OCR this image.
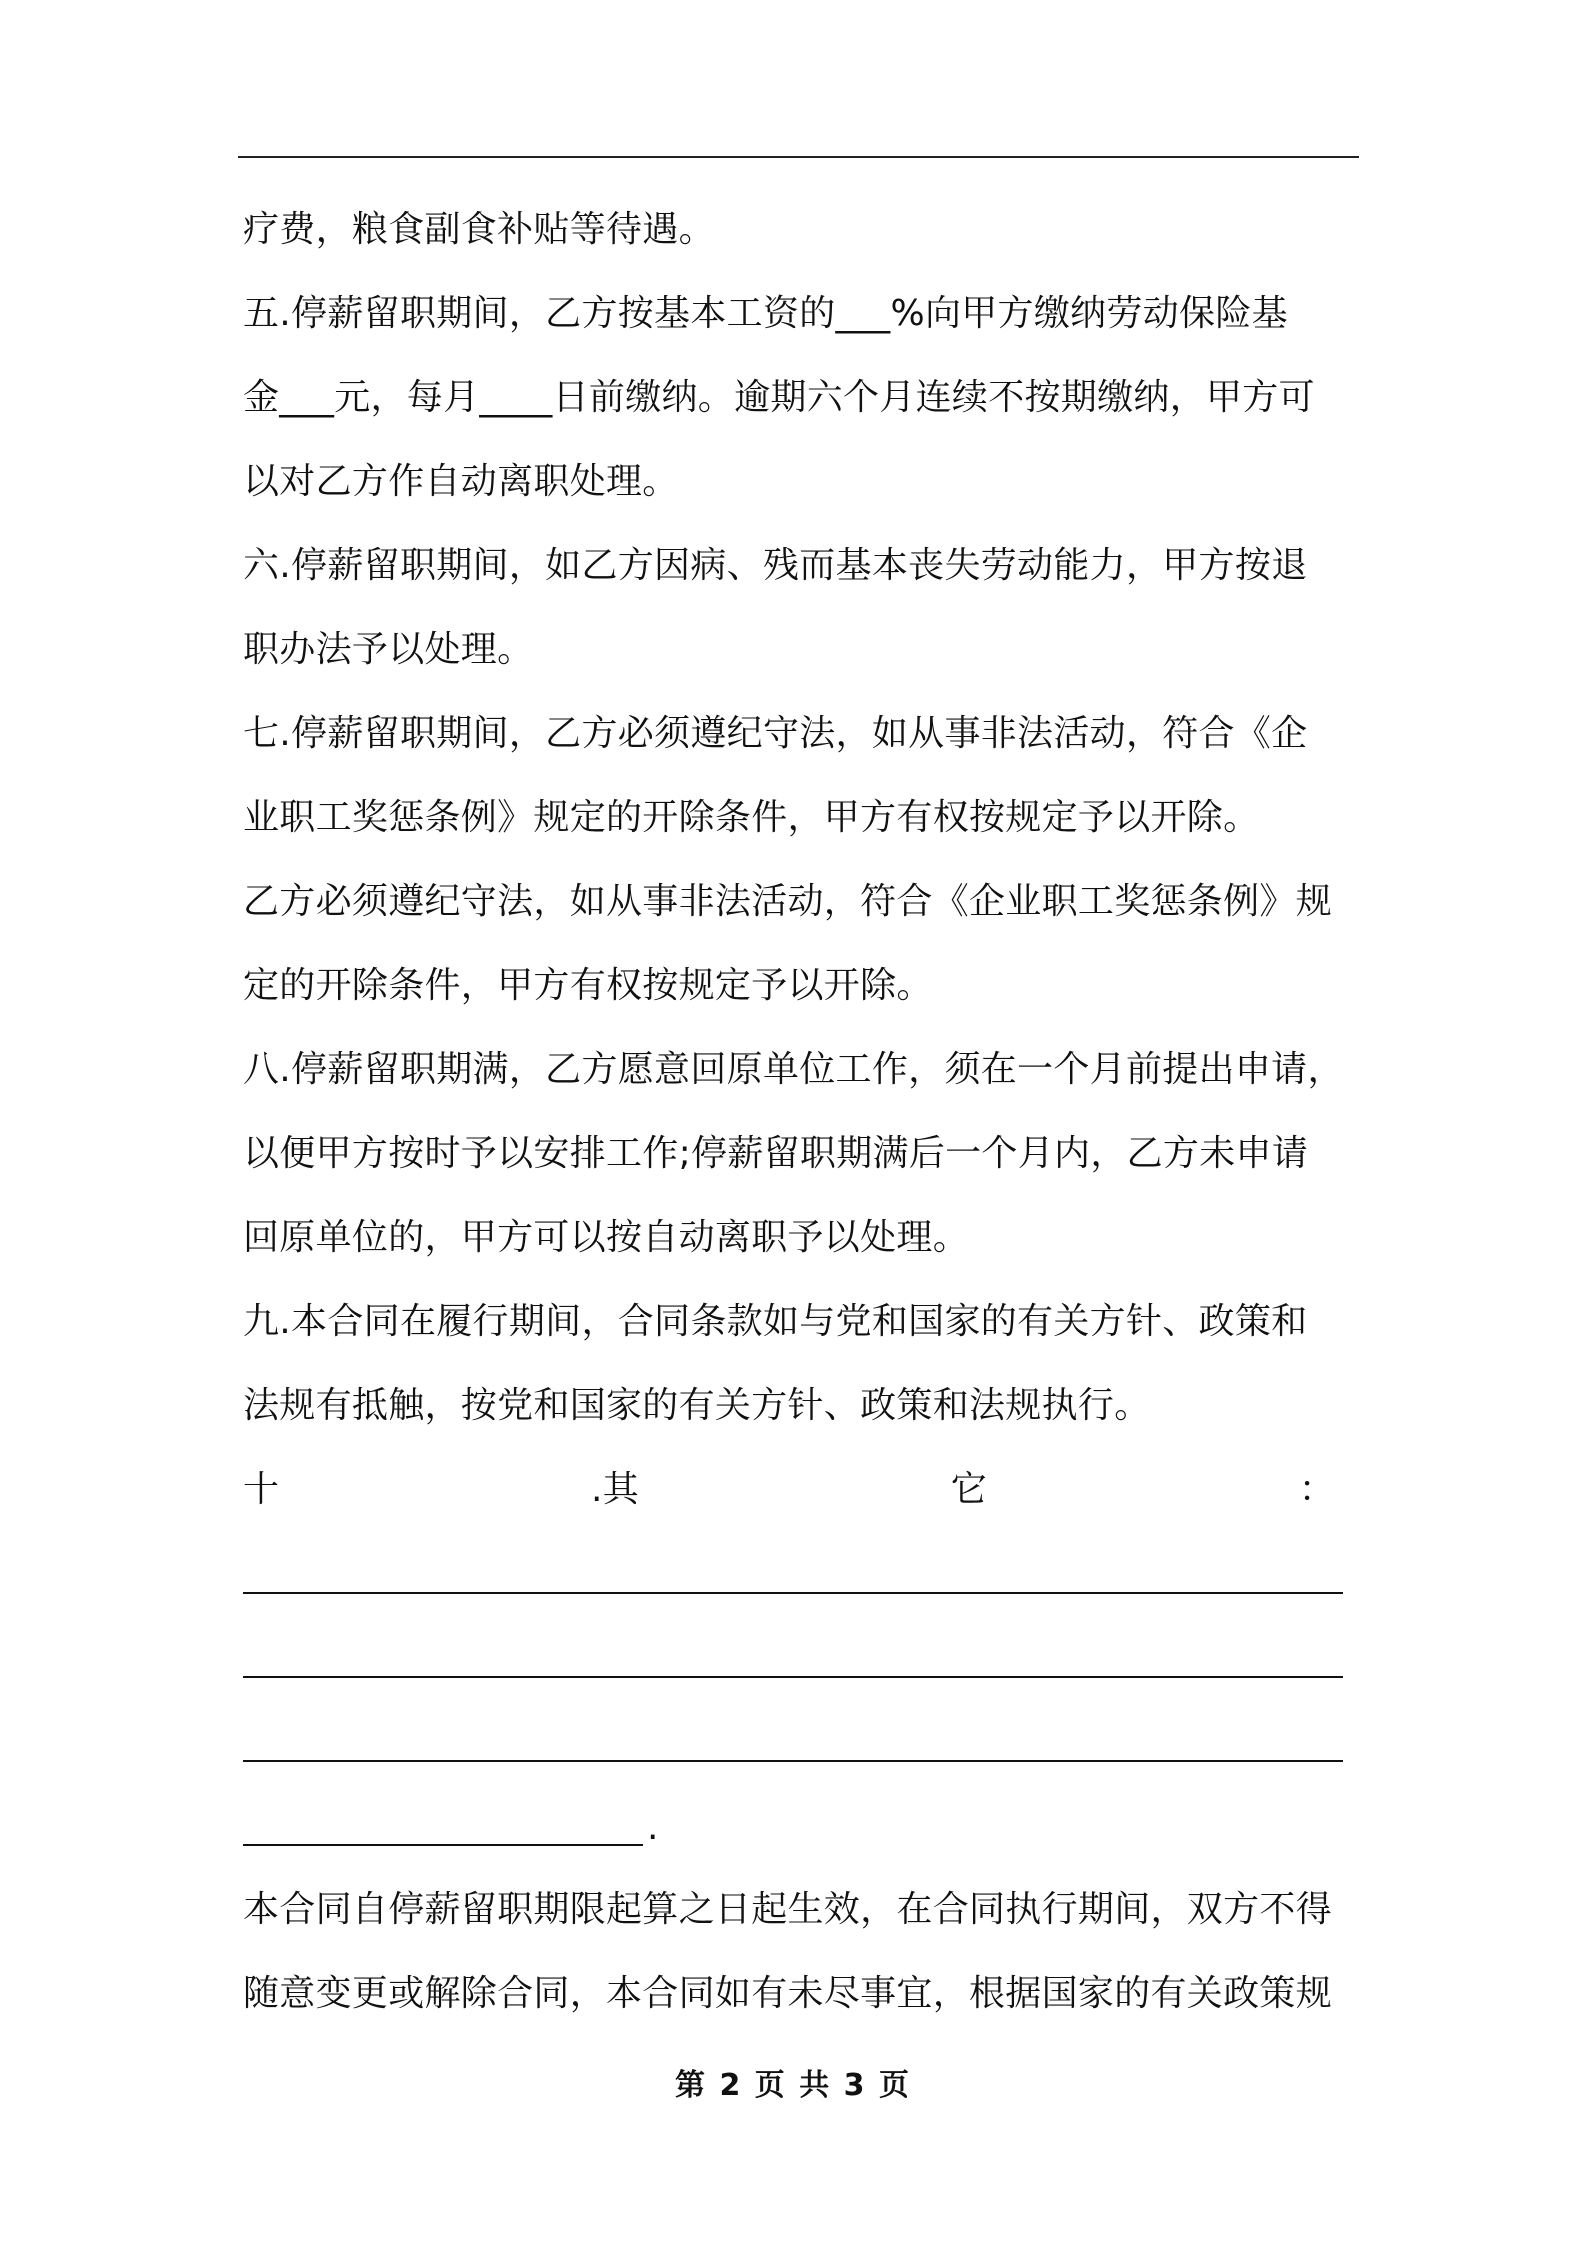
疗费，粮食副食补贴等待遇。
五.停薪留职期间，乙方按基本工资的___%向甲方缴纳劳动保险基
金___元，每月____日前缴纳。逾期六个月连续不按期缴纳，甲方可
以对乙方作自动离职处理。
六.停薪留职期间，如乙方因病、残而基本丧失劳动能力，甲方按退
职办法予以处理。
七.停薪留职期间，乙方必须遵纪守法，如从事非法活动，符合《企
业职工奖惩条例》规定的开除条件，甲方有权按规定予以开除。
乙方必须遵纪守法，如从事非法活动，符合《企业职工奖惩条例》规
定的开除条件，甲方有权按规定予以开除。
八.停薪留职期满，乙方愿意回原单位工作，须在一个月前提出申请，
以便甲方按时予以安排工作;停薪留职期满后一个月内，乙方未申请
回原单位的，甲方可以按自动离职予以处理。
九.本合同在履行期间，合同条款如与党和国家的有关方针、政策和
法规有抵触，按党和国家的有关方针、政策和法规执行。
十	.其	它	：
.
本合同自停薪留职期限起算之日起生效，在合同执行期间，双方不得
随意变更或解除合同，本合同如有未尽事宜，根据国家的有关政策规
第 2 页 共 3 页
